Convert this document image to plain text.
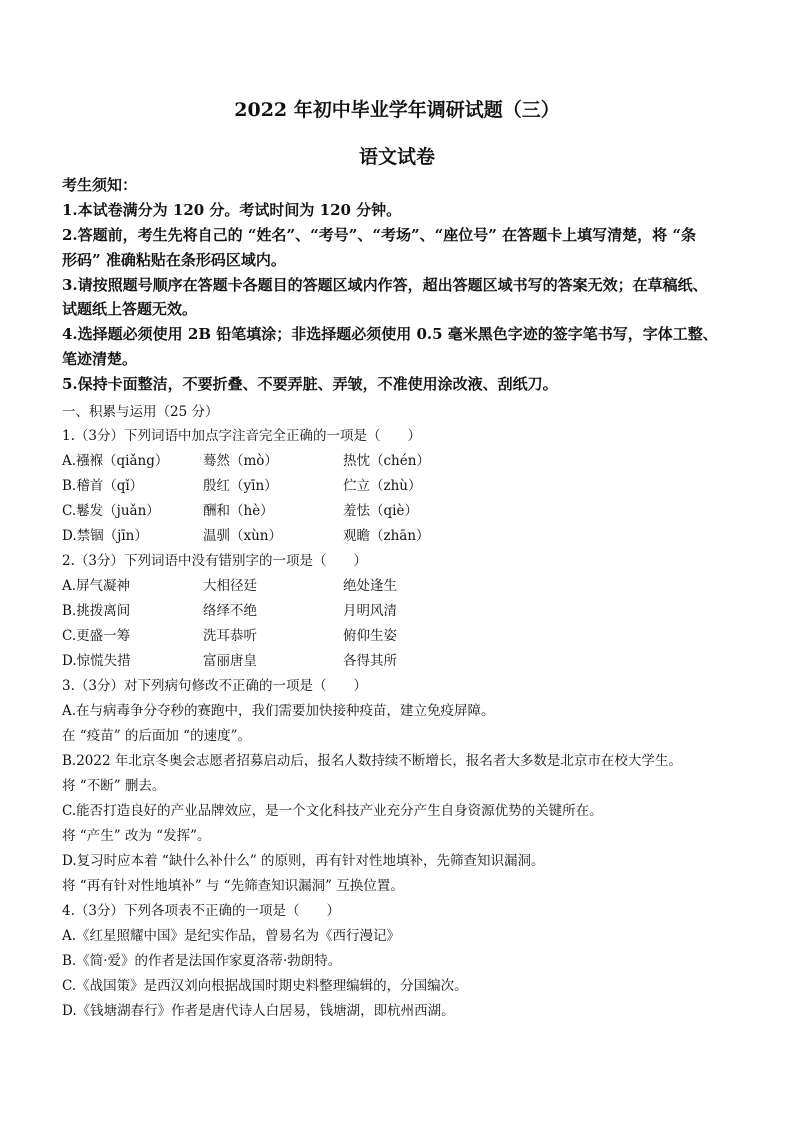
2022 年初中毕业学年调研试题（三）
语文试卷
考生须知：
1.本试卷满分为 120 分。考试时间为 120 分钟。
2.答题前，考生先将自己的 “姓名”、“考号”、“考场”、“座位号” 在答题卡上填写清楚，将 “条
形码” 准确粘贴在条形码区域内。
3.请按照题号顺序在答题卡各题目的答题区域内作答，超出答题区域书写的答案无效；在草稿纸、
试题纸上答题无效。
4.选择题必须使用 2B 铅笔填涂；非选择题必须使用 0.5 毫米黑色字迹的签字笔书写，字体工整、
笔迹清楚。
5.保持卡面整洁，不要折叠、不要弄脏、弄皱，不准使用涂改液、刮纸刀。
一、积累与运用（25 分）
1.（3分）下列词语中加点字注音完全正确的一项是（　　）
A.襁褓（qiǎng）	蓦然（mò）	热忱（chén）
B.稽首（qǐ）	殷红（yīn）	伫立（zhù）
C.鬈发（juǎn）	酬和（hè）	羞怯（qiè）
D.禁锢（jīn）	温驯（xùn）	观瞻（zhān）
2.（3分）下列词语中没有错别字的一项是（　　）
A.屏气凝神	大相径廷	绝处逢生
B.挑拨离间	络绎不绝	月明风清
C.更盛一筹	洗耳恭听	俯仰生姿
D.惊慌失措	富丽唐皇	各得其所
3.（3分）对下列病句修改不正确的一项是（　　）
A.在与病毒争分夺秒的赛跑中，我们需要加快接种疫苗，建立免疫屏障。
在 “疫苗” 的后面加 “的速度”。
B.2022 年北京冬奥会志愿者招募启动后，报名人数持续不断增长，报名者大多数是北京市在校大学生。
将 “不断” 删去。
C.能否打造良好的产业品牌效应，是一个文化科技产业充分产生自身资源优势的关键所在。
将 “产生” 改为 “发挥”。
D.复习时应本着 “缺什么补什么” 的原则，再有针对性地填补，先筛查知识漏洞。
将 “再有针对性地填补” 与 “先筛查知识漏洞” 互换位置。
4.（3分）下列各项表不正确的一项是（　　）
A.《红星照耀中国》是纪实作品，曾易名为《西行漫记》
B.《简·爱》的作者是法国作家夏洛蒂·勃朗特。
C.《战国策》是西汉刘向根据战国时期史料整理编辑的，分国编次。
D.《钱塘湖春行》作者是唐代诗人白居易，钱塘湖，即杭州西湖。
